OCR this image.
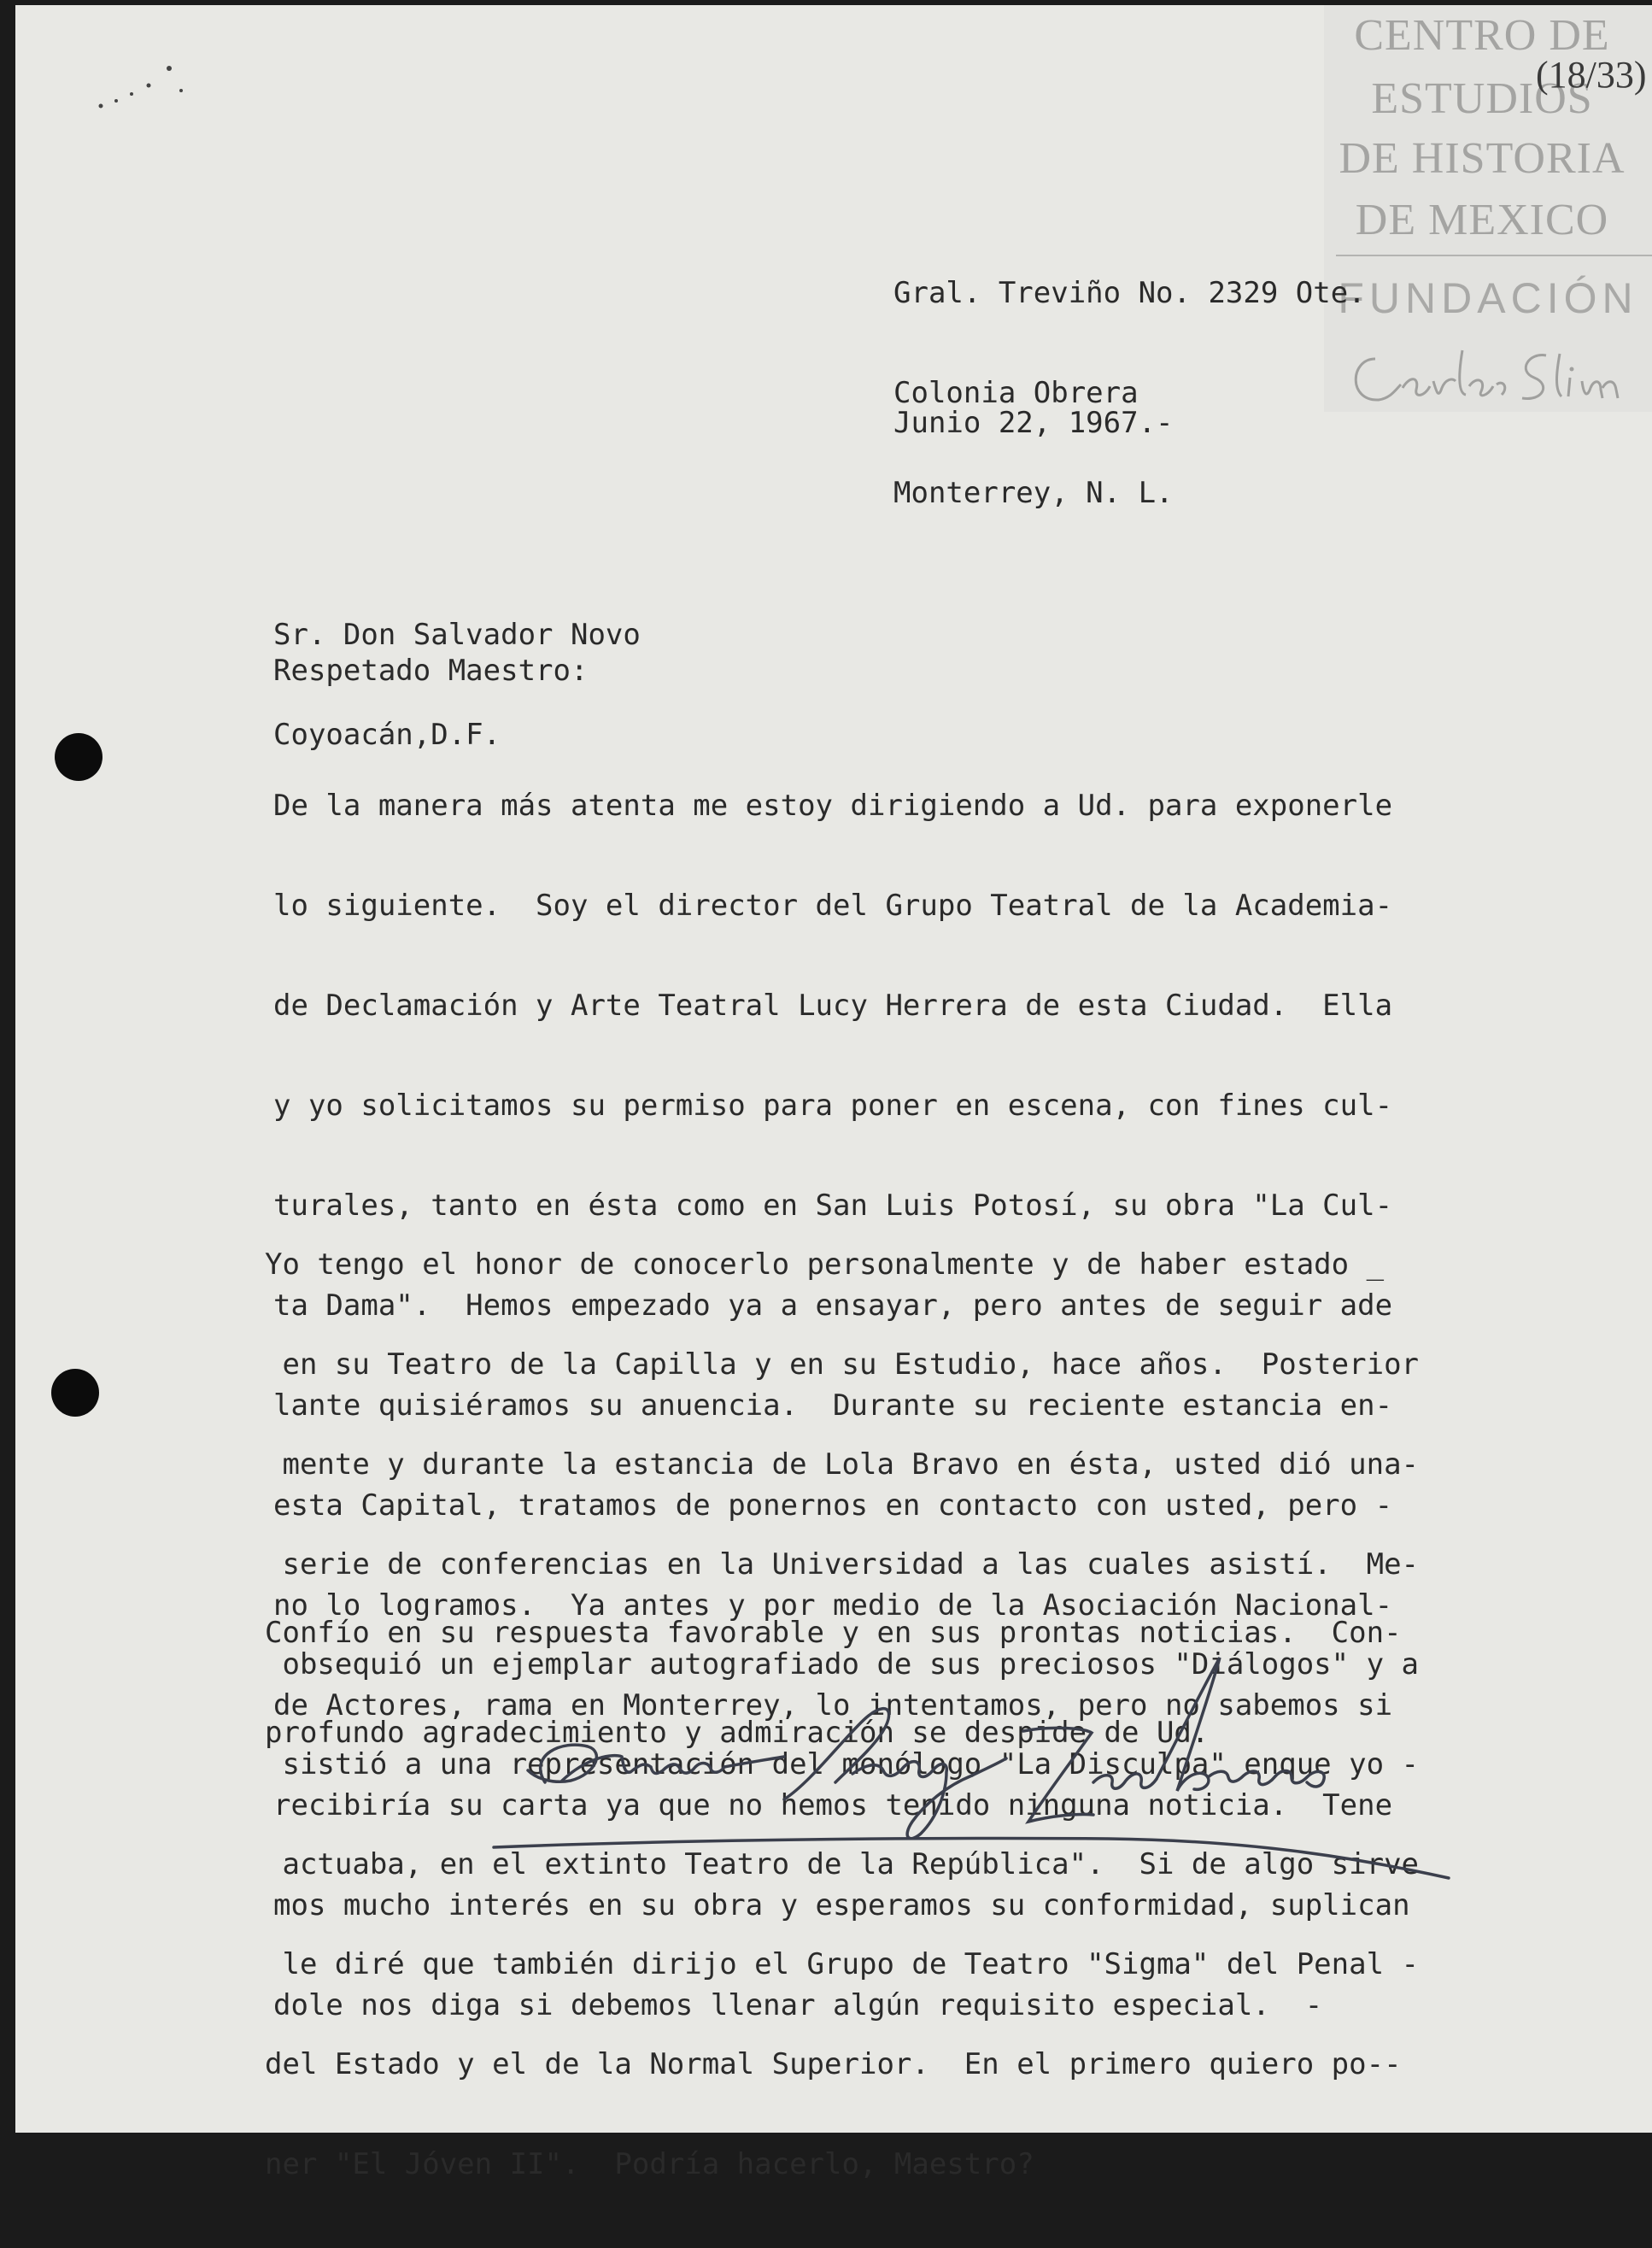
CENTRO DE
ESTUDIOS
DE HISTORIA
DE MEXICO
FUNDACIÓN
(18/33)

Gral. Treviño No. 2329 Ote.

Colonia Obrera

Monterrey, N. L.

Junio 22, 1967.-

Sr. Don Salvador Novo

Coyoacán,D.F.

Respetado Maestro:

De la manera más atenta me estoy dirigiendo a Ud. para exponerle

lo siguiente.  Soy el director del Grupo Teatral de la Academia-

de Declamación y Arte Teatral Lucy Herrera de esta Ciudad.  Ella

y yo solicitamos su permiso para poner en escena, con fines cul-

turales, tanto en ésta como en San Luis Potosí, su obra "La Cul-

ta Dama".  Hemos empezado ya a ensayar, pero antes de seguir ade

lante quisiéramos su anuencia.  Durante su reciente estancia en-

esta Capital, tratamos de ponernos en contacto con usted, pero -

no lo logramos.  Ya antes y por medio de la Asociación Nacional-

de Actores, rama en Monterrey, lo intentamos, pero no sabemos si

recibiría su carta ya que no hemos tenido ninguna noticia.  Tene

mos mucho interés en su obra y esperamos su conformidad, suplican

dole nos diga si debemos llenar algún requisito especial.  -

Yo tengo el honor de conocerlo personalmente y de haber estado _

en su Teatro de la Capilla y en su Estudio, hace años.  Posterior

mente y durante la estancia de Lola Bravo en ésta, usted dió una-

serie de conferencias en la Universidad a las cuales asistí.  Me-

obsequió un ejemplar autografiado de sus preciosos "Diálogos" y a

sistió a una representación del monólogo "La Disculpa" enque yo -

actuaba, en el extinto Teatro de la República".  Si de algo sirve

le diré que también dirijo el Grupo de Teatro "Sigma" del Penal -

del Estado y el de la Normal Superior.  En el primero quiero po--

ner "El Jóven II".  Podría hacerlo, Maestro?

Confío en su respuesta favorable y en sus prontas noticias.  Con-

profundo agradecimiento y admiración se despide de Ud.
